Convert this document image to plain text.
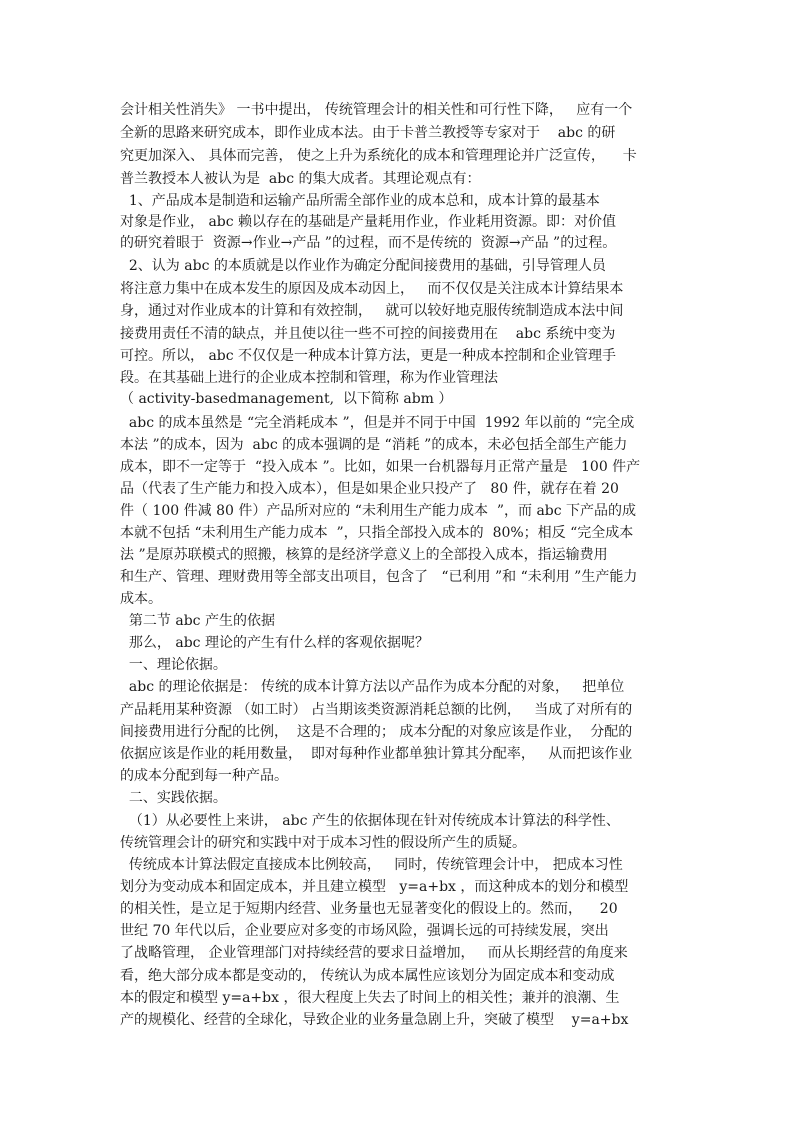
会计相关性消失》 一书中提出， 传统管理会计的相关性和可行性下降，   应有一个
全新的思路来研究成本，即作业成本法。由于卡普兰教授等专家对于    abc 的研
究更加深入、 具体而完善， 使之上升为系统化的成本和管理理论并广泛宣传，    卡
普兰教授本人被认为是  abc 的集大成者。其理论观点有：
1、产品成本是制造和运输产品所需全部作业的成本总和，成本计算的最基本
对象是作业， abc 赖以存在的基础是产量耗用作业，作业耗用资源。即：对价值
的研究着眼于  资源→作业→产品 ”的过程，而不是传统的  资源→产品 ”的过程。
2、认为 abc 的本质就是以作业作为确定分配间接费用的基础，引导管理人员
将注意力集中在成本发生的原因及成本动因上，   而不仅仅是关注成本计算结果本
身，通过对作业成本的计算和有效控制，   就可以较好地克服传统制造成本法中间
接费用责任不清的缺点，并且使以往一些不可控的间接费用在    abc 系统中变为
可控。所以， abc 不仅仅是一种成本计算方法，更是一种成本控制和企业管理手
段。在其基础上进行的企业成本控制和管理，称为作业管理法
（ activity-basedmanagement,  以下简称 abm ）
abc 的成本虽然是 “完全消耗成本 ”，但是并不同于中国  1992 年以前的 “完全成
本法 ”的成本，因为  abc 的成本强调的是 “消耗 ”的成本，未必包括全部生产能力
成本，即不一定等于  “投入成本 ”。比如，如果一台机器每月正常产量是   100 件产
品（代表了生产能力和投入成本），但是如果企业只投产了   80 件，就存在着 20
件（ 100 件减 80 件）产品所对应的 “未利用生产能力成本  ”，而 abc 下产品的成
本就不包括 “未利用生产能力成本  ”，只指全部投入成本的  80%；相反 “完全成本
法 ”是原苏联模式的照搬，核算的是经济学意义上的全部投入成本，指运输费用
和生产、管理、理财费用等全部支出项目，包含了   “已利用 ”和 “未利用 ”生产能力
成本。
第二节 abc 产生的依据
那么， abc 理论的产生有什么样的客观依据呢？
一、理论依据。
abc 的理论依据是： 传统的成本计算方法以产品作为成本分配的对象，   把单位
产品耗用某种资源 （如工时） 占当期该类资源消耗总额的比例，   当成了对所有的
间接费用进行分配的比例，  这是不合理的； 成本分配的对象应该是作业，  分配的
依据应该是作业的耗用数量，  即对每种作业都单独计算其分配率，   从而把该作业
的成本分配到每一种产品。
二、实践依据。
（1）从必要性上来讲， abc 产生的依据体现在针对传统成本计算法的科学性、
传统管理会计的研究和实践中对于成本习性的假设所产生的质疑。
传统成本计算法假定直接成本比例较高，   同时，传统管理会计中， 把成本习性
划分为变动成本和固定成本，并且建立模型   y=a+bx ，而这种成本的划分和模型
的相关性，是立足于短期内经营、业务量也无显著变化的假设上的。然而，    20
世纪 70 年代以后，企业要应对多变的市场风险，强调长远的可持续发展，突出
了战略管理， 企业管理部门对持续经营的要求日益增加，   而从长期经营的角度来
看，绝大部分成本都是变动的， 传统认为成本属性应该划分为固定成本和变动成
本的假定和模型 y=a+bx ，很大程度上失去了时间上的相关性；兼并的浪潮、生
产的规模化、经营的全球化，导致企业的业务量急剧上升，突破了模型    y=a+bx
